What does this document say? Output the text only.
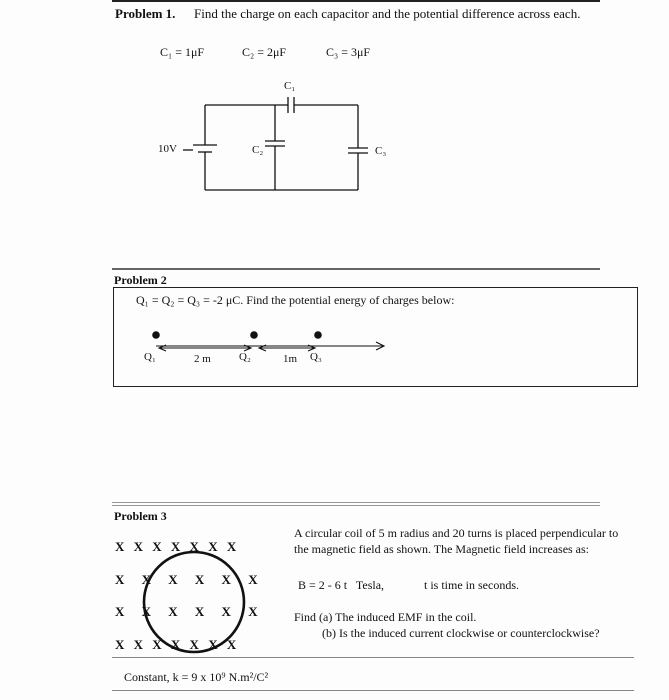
Problem 1. Find the charge on each capacitor and the potential difference across each.
C₁ = 1μF	C₂ = 2μF	C₃ = 3μF
C₁
10V	C₂	C₃
Problem 2
Q₁ = Q₂ = Q₃ = -2 μC. Find the potential energy of charges below:
Q₁	2 m	Q₂	1m Q₃
Problem 3
X X X X X X X
X X X X X X
X X X X X X
X X X X X X X
A circular coil of 5 m radius and 20 turns is placed perpendicular to
the magnetic field as shown. The Magnetic field increases as:
B = 2 - 6 t   Tesla,	t is time in seconds.
Find (a) The induced EMF in the coil.
(b) Is the induced current clockwise or counterclockwise?
Constant, k = 9 x 10⁹ N.m²/C²
